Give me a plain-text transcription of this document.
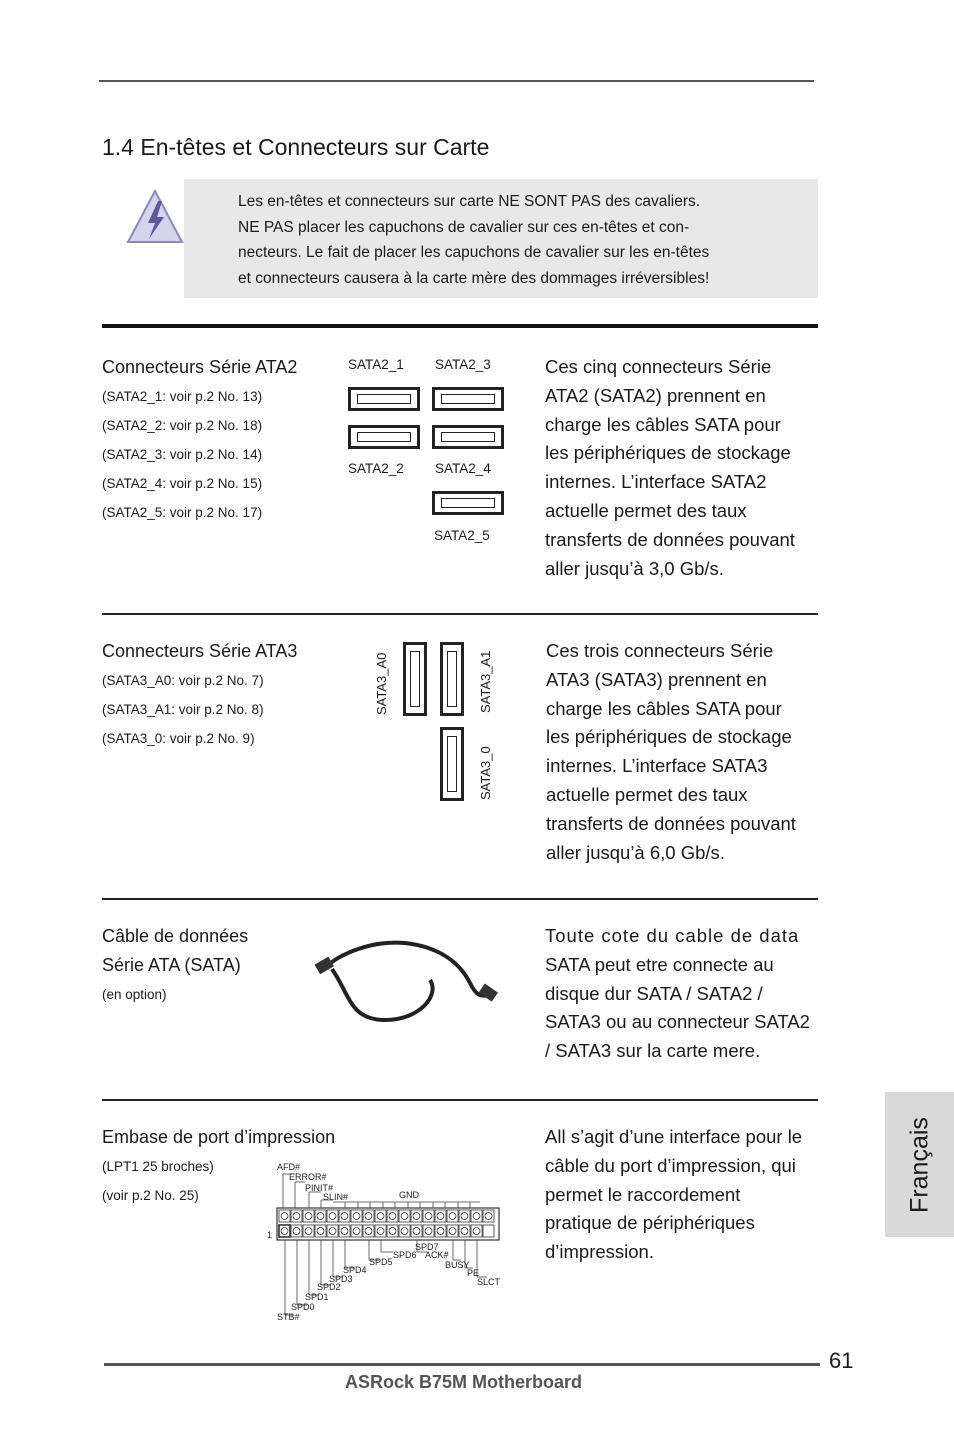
1.4 En-têtes et Connecteurs sur Carte
Les en-têtes et connecteurs sur carte NE SONT PAS des cavaliers.
NE PAS placer les capuchons de cavalier sur ces en-têtes et con-
necteurs. Le fait de placer les capuchons de cavalier sur les en-têtes
et connecteurs causera à la carte mère des dommages irréversibles!
Connecteurs Série ATA2
(SATA2_1: voir p.2 No. 13)
(SATA2_2: voir p.2 No. 18)
(SATA2_3: voir p.2 No. 14)
(SATA2_4: voir p.2 No. 15)
(SATA2_5: voir p.2 No. 17)
SATA2_1 SATA2_3
SATA2_2 SATA2_4
SATA2_5
Ces cinq connecteurs Série
ATA2 (SATA2) prennent en
charge les câbles SATA pour
les périphériques de stockage
internes. L’interface SATA2
actuelle permet des taux
transferts de données pouvant
aller jusqu’à 3,0 Gb/s.
Connecteurs Série ATA3
(SATA3_A0: voir p.2 No. 7)
(SATA3_A1: voir p.2 No. 8)
(SATA3_0: voir p.2 No. 9)
SATA3_A0	SATA3_A1
SATA3_0
Ces trois connecteurs Série
ATA3 (SATA3) prennent en
charge les câbles SATA pour
les périphériques de stockage
internes. L’interface SATA3
actuelle permet des taux
transferts de données pouvant
aller jusqu’à 6,0 Gb/s.
Câble de données
Série ATA (SATA)
(en option)
Toute cote du cable de data
SATA peut etre connecte au
disque dur SATA / SATA2 /
SATA3 ou au connecteur SATA2
/ SATA3 sur la carte mere.
Embase de port d’impression
(LPT1 25 broches)
(voir p.2 No. 25)
AFD#
ERROR#
PINIT#
SLIN#	GND
1
STB#
SPD0
SPD1
SPD2
SPD3
SPD4
SPD5
SPD6
SPD7
ACK#
BUSY
PE
SLCT
All s’agit d’une interface pour le
câble du port d’impression, qui
permet le raccordement
pratique de périphériques
d’impression.
Français
61
ASRock B75M Motherboard
